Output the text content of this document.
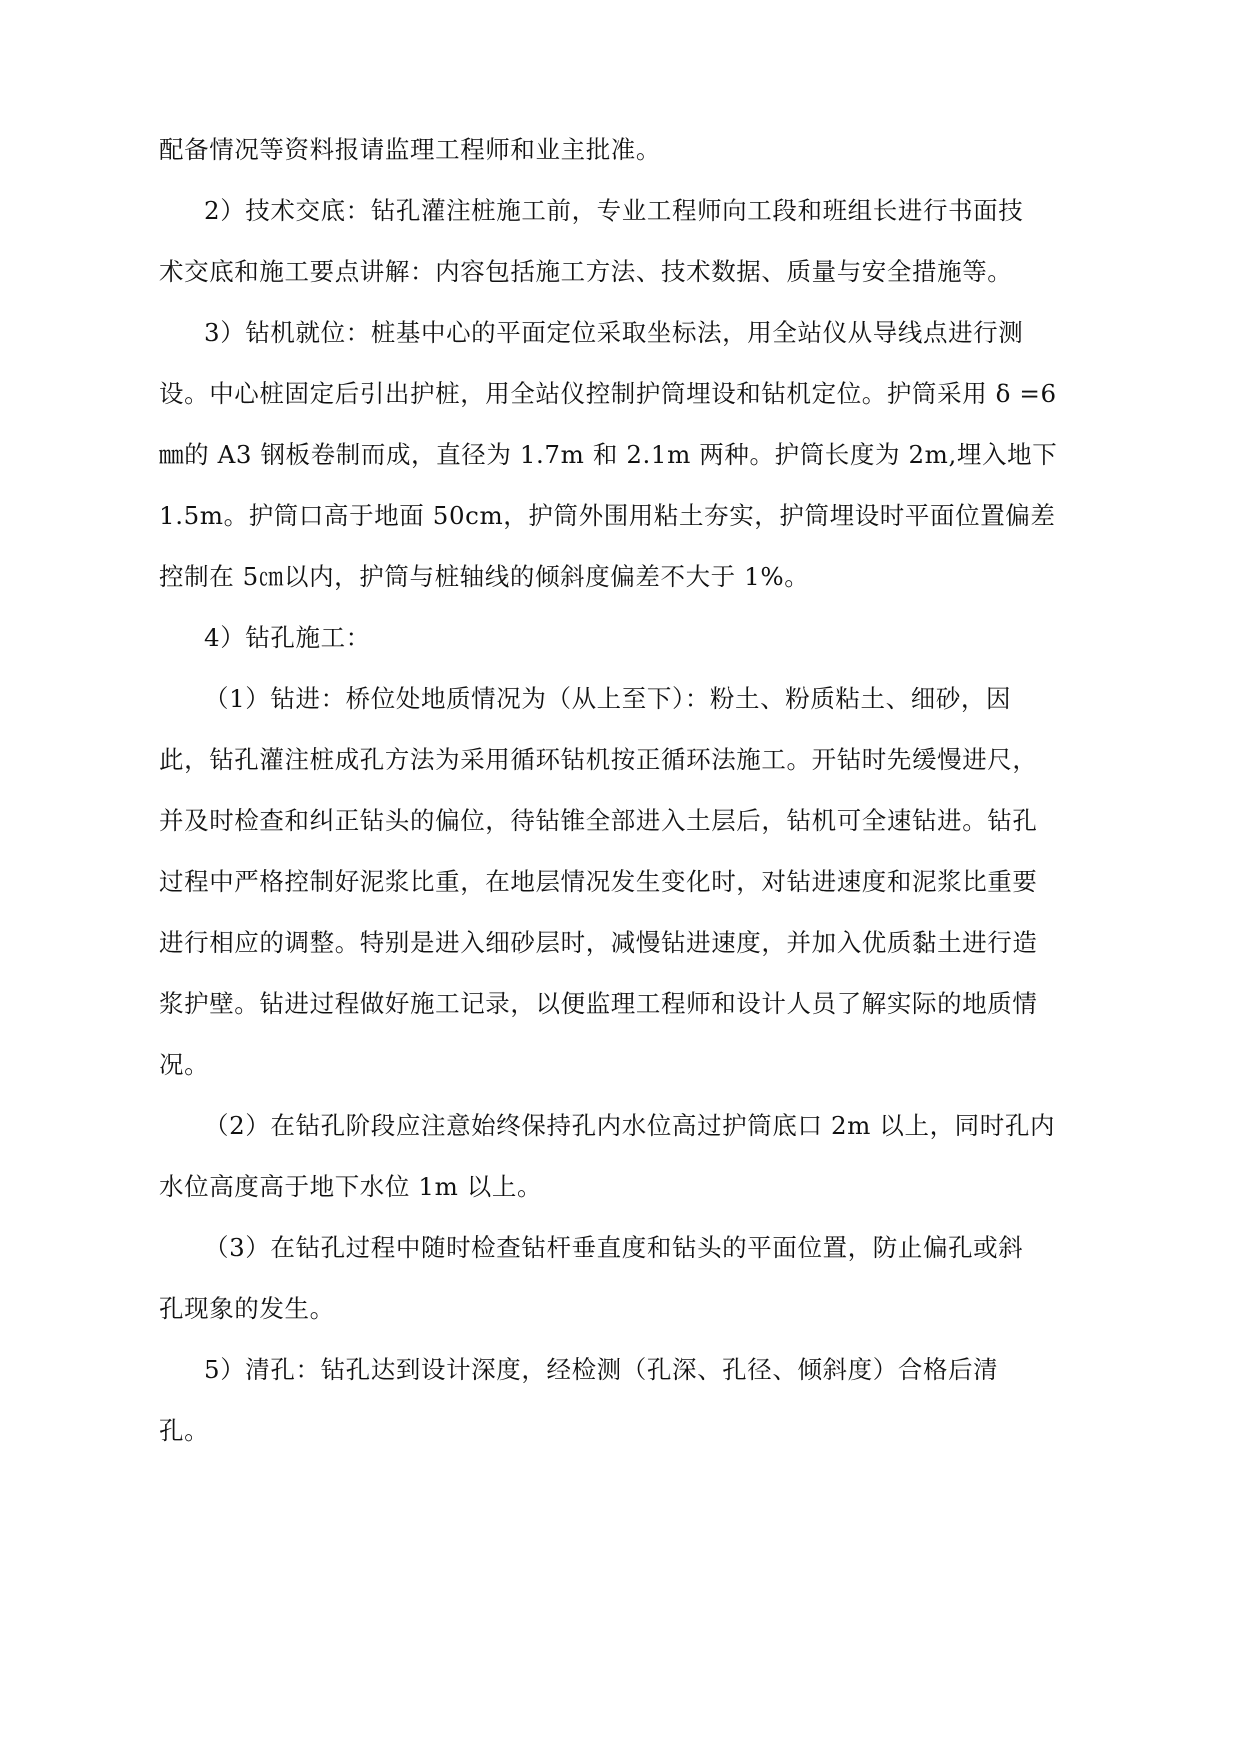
配备情况等资料报请监理工程师和业主批准。
2）技术交底：钻孔灌注桩施工前，专业工程师向工段和班组长进行书面技
术交底和施工要点讲解：内容包括施工方法、技术数据、质量与安全措施等。
3）钻机就位：桩基中心的平面定位采取坐标法，用全站仪从导线点进行测
设。中心桩固定后引出护桩，用全站仪控制护筒埋设和钻机定位。护筒采用 δ =6
㎜的 A3 钢板卷制而成，直径为 1.7m 和 2.1m 两种。护筒长度为 2m,埋入地下
1.5m。护筒口高于地面 50cm，护筒外围用粘土夯实，护筒埋设时平面位置偏差
控制在 5㎝以内，护筒与桩轴线的倾斜度偏差不大于 1%。
4）钻孔施工：
（1）钻进：桥位处地质情况为（从上至下）：粉土、粉质粘土、细砂，因
此，钻孔灌注桩成孔方法为采用循环钻机按正循环法施工。开钻时先缓慢进尺，
并及时检查和纠正钻头的偏位，待钻锥全部进入土层后，钻机可全速钻进。钻孔
过程中严格控制好泥浆比重，在地层情况发生变化时，对钻进速度和泥浆比重要
进行相应的调整。特别是进入细砂层时，减慢钻进速度，并加入优质黏土进行造
浆护壁。钻进过程做好施工记录，以便监理工程师和设计人员了解实际的地质情
况。
（2）在钻孔阶段应注意始终保持孔内水位高过护筒底口 2m 以上，同时孔内
水位高度高于地下水位 1m 以上。
（3）在钻孔过程中随时检查钻杆垂直度和钻头的平面位置，防止偏孔或斜
孔现象的发生。
5）清孔：钻孔达到设计深度，经检测（孔深、孔径、倾斜度）合格后清
孔。
